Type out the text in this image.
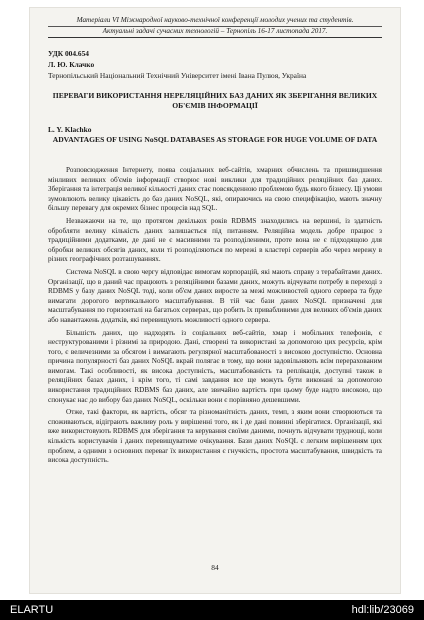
Матеріали VI Міжнародної науково-технічної конференції молодих учених та студентів.
Актуальні задачі сучасних технологій – Тернопіль 16-17 листопада 2017.
УДК 004.654
Л. Ю. Клачко
Тернопільський Національний Технічний Університет імені Івана Пулюя, Україна
ПЕРЕВАГИ ВИКОРИСТАННЯ НЕРЕЛЯЦІЙНИХ БАЗ ДАНИХ ЯК ЗБЕРІГАННЯ ВЕЛИКИХ ОБ'ЄМІВ ІНФОРМАЦІЇ
L. Y. Klachko
ADVANTAGES OF USING NoSQL DATABASES AS STORAGE FOR HUGE VOLUME OF DATA

Розповсюдження Інтернету, поява соціальних веб-сайтів, хмарних обчислень та пришвидшення мінливих великих об'ємів інформації створює нові виклики для традиційних реляційних баз даних. Зберігання та інтеграція великої кількості даних стає повсякденною проблемою будь якого бізнесу. Ці умови зумовлюють велику цікавість до баз даних NoSQL, які, опираючись на свою специфікацію, мають значну більшу перевагу для окремих бізнес процесів над SQL.

Незважаючи на те, що протягом декількох років RDBMS знаходились на вершині, із здатність обробляти велику кількість даних залишається під питанням. Реляційна модель добре працює з традиційними додатками, де дані не є масивними та розподіленими, проте вона не є підходящою для обробки великих обсягів даних, коли ті розподіляються по мережі в кластері серверів або через мережу в різних географічних розташуваннях.

Система NoSQL в свою чергу відповідає вимогам корпорацій, які мають справу з терабайтами даних. Організації, що в даний час працюють з реляційними базами даних, можуть відчувати потребу в переході з RDBMS у базу даних NoSQL тоді, коли об'єм даних виросте за межі можливостей одного сервера та буде вимагати дорогого вертикального масштабування. В тій час бази даних NoSQL призначені для масштабування по горизонталі на багатьох серверах, що робить їх привабливими для великих об'ємів даних або навантажень додатків, які перевищують можливості одного сервера.

Більшість даних, що надходять із соціальних веб-сайтів, хмар і мобільних телефонів, є неструктурованими і різнимі за природою. Дані, створені та використані за допомогою цих ресурсів, крім того, є величезними за обсягом і вимагають регулярної масштабованості з високою доступністю. Основна причина популярності баз даних NoSQL вкрай полягає в тому, що вони задовільняють всім перерахованим вимогам. Такі особливості, як висока доступність, масштабованість та реплікація, доступні також в реляційних базах даних, і крім того, ті самі завдання все ще можуть бути виконані за допомогою використання традиційних RDBMS баз даних, але звичайно вартість при цьому буде надто високою, що спонукає нас до вибору баз даних NoSQL, оскільки вони є порівняно дешевшими.

Отже, такі фактори, як вартість, обсяг та різноманітність даних, темп, з яким вони створюються та споживаються, відіграють важливу роль у вирішенні того, як і де дані повинні зберігатися. Організації, які вже використовують RDBMS для зберігання та керування своїми даними, почнуть відчувати труднощі, коли кількість користувачів і даних перевищуватиме очікування. Бази даних NoSQL є легким вирішенням цих проблем, а одними з основних переваг їх використання є гнучкість, простота масштабування, швидкість та висока доступність.

84
ELARTU	hdl:lib/23069
